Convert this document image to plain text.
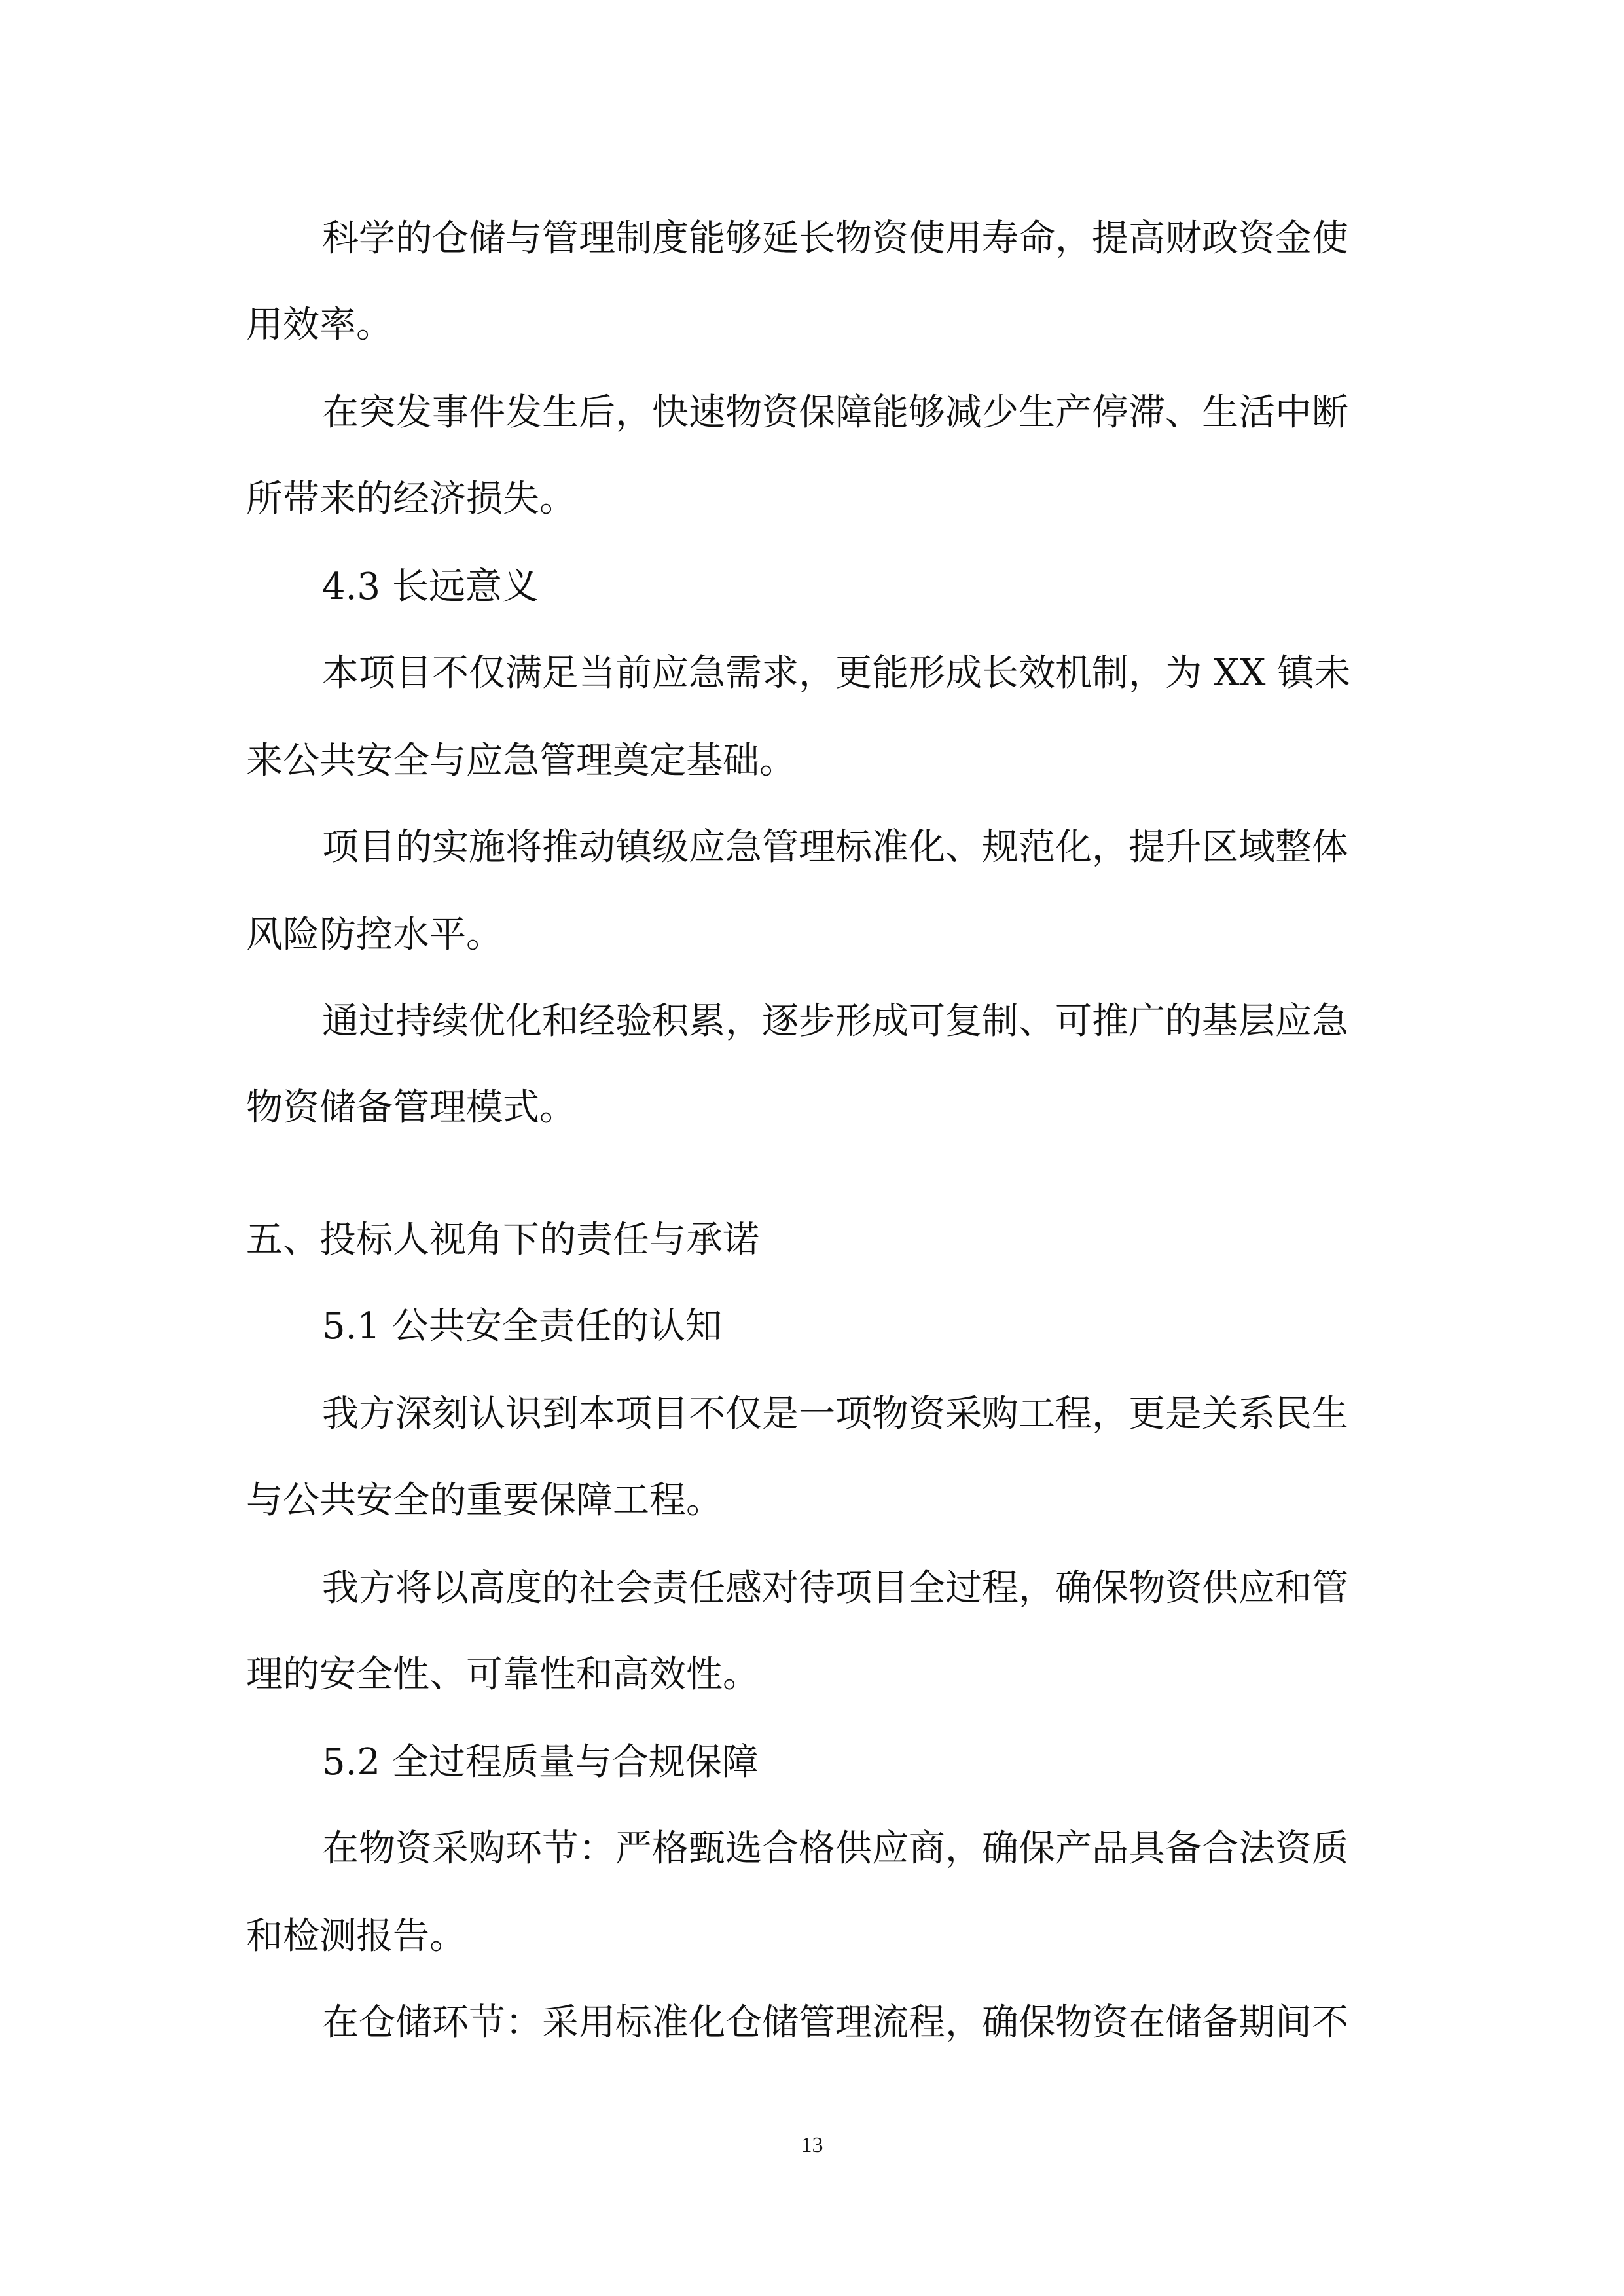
科学的仓储与管理制度能够延长物资使用寿命，提高财政资金使

用效率。

在突发事件发生后，快速物资保障能够减少生产停滞、生活中断

所带来的经济损失。

4.3 长远意义

本项目不仅满足当前应急需求，更能形成长效机制，为 XX 镇未

来公共安全与应急管理奠定基础。

项目的实施将推动镇级应急管理标准化、规范化，提升区域整体

风险防控水平。

通过持续优化和经验积累，逐步形成可复制、可推广的基层应急

物资储备管理模式。

五、投标人视角下的责任与承诺

5.1 公共安全责任的认知

我方深刻认识到本项目不仅是一项物资采购工程，更是关系民生

与公共安全的重要保障工程。

我方将以高度的社会责任感对待项目全过程，确保物资供应和管

理的安全性、可靠性和高效性。

5.2 全过程质量与合规保障

在物资采购环节：严格甄选合格供应商，确保产品具备合法资质

和检测报告。

在仓储环节：采用标准化仓储管理流程，确保物资在储备期间不

13
